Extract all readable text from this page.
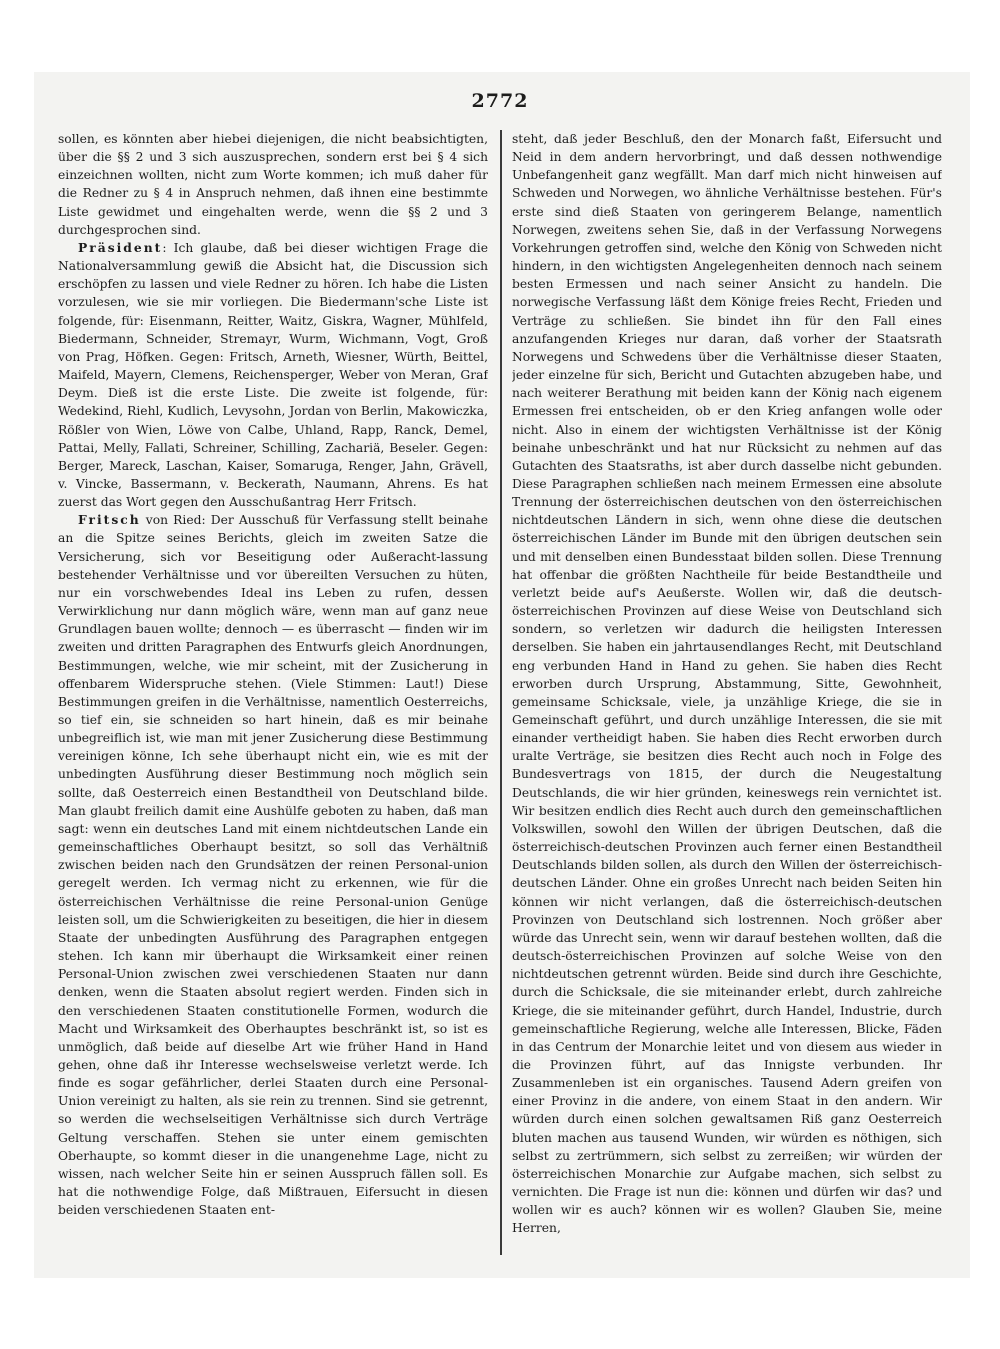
2772

sollen, es könnten aber hiebei diejenigen, die nicht beabsichtigten, über die §§ 2 und 3 sich auszusprechen, sondern erst bei § 4 sich einzeichnen wollten, nicht zum Worte kommen; ich muß daher für die Redner zu § 4 in Anspruch nehmen, daß ihnen eine bestimmte Liste gewidmet und eingehalten werde, wenn die §§ 2 und 3 durchgesprochen sind.

Präsident: Ich glaube, daß bei dieser wichtigen Frage die Nationalversammlung gewiß die Absicht hat, die Discussion sich erschöpfen zu lassen und viele Redner zu hören. Ich habe die Listen vorzulesen, wie sie mir vorliegen. Die Biedermann'sche Liste ist folgende, für: Eisenmann, Reitter, Waitz, Giskra, Wagner, Mühlfeld, Biedermann, Schneider, Stremayr, Wurm, Wichmann, Vogt, Groß von Prag, Höfken. Gegen: Fritsch, Arneth, Wiesner, Würth, Beittel, Maifeld, Mayern, Clemens, Reichensperger, Weber von Meran, Graf Deym. Dieß ist die erste Liste. Die zweite ist folgende, für: Wedekind, Riehl, Kudlich, Levysohn, Jordan von Berlin, Makowiczka, Rößler von Wien, Löwe von Calbe, Uhland, Rapp, Ranck, Demel, Pattai, Melly, Fallati, Schreiner, Schilling, Zachariä, Beseler. Gegen: Berger, Mareck, Laschan, Kaiser, Somaruga, Renger, Jahn, Grävell, v. Vincke, Bassermann, v. Beckerath, Naumann, Ahrens. Es hat zuerst das Wort gegen den Ausschußantrag Herr Fritsch.

Fritsch von Ried: Der Ausschuß für Verfassung stellt beinahe an die Spitze seines Berichts, gleich im zweiten Satze die Versicherung, sich vor Beseitigung oder Außeracht-lassung bestehender Verhältnisse und vor übereilten Versuchen zu hüten, nur ein vorschwebendes Ideal ins Leben zu rufen, dessen Verwirklichung nur dann möglich wäre, wenn man auf ganz neue Grundlagen bauen wollte; dennoch — es überrascht — finden wir im zweiten und dritten Paragraphen des Entwurfs gleich Anordnungen, Bestimmungen, welche, wie mir scheint, mit der Zusicherung in offenbarem Widerspruche stehen. (Viele Stimmen: Laut!) Diese Bestimmungen greifen in die Verhältnisse, namentlich Oesterreichs, so tief ein, sie schneiden so hart hinein, daß es mir beinahe unbegreiflich ist, wie man mit jener Zusicherung diese Bestimmung vereinigen könne, Ich sehe überhaupt nicht ein, wie es mit der unbedingten Ausführung dieser Bestimmung noch möglich sein sollte, daß Oesterreich einen Bestandtheil von Deutschland bilde. Man glaubt freilich damit eine Aushülfe geboten zu haben, daß man sagt: wenn ein deutsches Land mit einem nichtdeutschen Lande ein gemeinschaftliches Oberhaupt besitzt, so soll das Verhältniß zwischen beiden nach den Grundsätzen der reinen Personal-union geregelt werden. Ich vermag nicht zu erkennen, wie für die österreichischen Verhältnisse die reine Personal-union Genüge leisten soll, um die Schwierigkeiten zu beseitigen, die hier in diesem Staate der unbedingten Ausführung des Paragraphen entgegen stehen. Ich kann mir überhaupt die Wirksamkeit einer reinen Personal-Union zwischen zwei verschiedenen Staaten nur dann denken, wenn die Staaten absolut regiert werden. Finden sich in den verschiedenen Staaten constitutionelle Formen, wodurch die Macht und Wirksamkeit des Oberhauptes beschränkt ist, so ist es unmöglich, daß beide auf dieselbe Art wie früher Hand in Hand gehen, ohne daß ihr Interesse wechselsweise verletzt werde. Ich finde es sogar gefährlicher, derlei Staaten durch eine Personal-Union vereinigt zu halten, als sie rein zu trennen. Sind sie getrennt, so werden die wechselseitigen Verhältnisse sich durch Verträge Geltung verschaffen. Stehen sie unter einem gemischten Oberhaupte, so kommt dieser in die unangenehme Lage, nicht zu wissen, nach welcher Seite hin er seinen Ausspruch fällen soll. Es hat die nothwendige Folge, daß Mißtrauen, Eifersucht in diesen beiden verschiedenen Staaten ent-

steht, daß jeder Beschluß, den der Monarch faßt, Eifersucht und Neid in dem andern hervorbringt, und daß dessen nothwendige Unbefangenheit ganz wegfällt. Man darf mich nicht hinweisen auf Schweden und Norwegen, wo ähnliche Verhältnisse bestehen. Für's erste sind dieß Staaten von geringerem Belange, namentlich Norwegen, zweitens sehen Sie, daß in der Verfassung Norwegens Vorkehrungen getroffen sind, welche den König von Schweden nicht hindern, in den wichtigsten Angelegenheiten dennoch nach seinem besten Ermessen und nach seiner Ansicht zu handeln. Die norwegische Verfassung läßt dem Könige freies Recht, Frieden und Verträge zu schließen. Sie bindet ihn für den Fall eines anzufangenden Krieges nur daran, daß vorher der Staatsrath Norwegens und Schwedens über die Verhältnisse dieser Staaten, jeder einzelne für sich, Bericht und Gutachten abzugeben habe, und nach weiterer Berathung mit beiden kann der König nach eigenem Ermessen frei entscheiden, ob er den Krieg anfangen wolle oder nicht. Also in einem der wichtigsten Verhältnisse ist der König beinahe unbeschränkt und hat nur Rücksicht zu nehmen auf das Gutachten des Staatsraths, ist aber durch dasselbe nicht gebunden. Diese Paragraphen schließen nach meinem Ermessen eine absolute Trennung der österreichischen deutschen von den österreichischen nichtdeutschen Ländern in sich, wenn ohne diese die deutschen österreichischen Länder im Bunde mit den übrigen deutschen sein und mit denselben einen Bundesstaat bilden sollen. Diese Trennung hat offenbar die größten Nachtheile für beide Bestandtheile und verletzt beide auf's Aeußerste. Wollen wir, daß die deutsch-österreichischen Provinzen auf diese Weise von Deutschland sich sondern, so verletzen wir dadurch die heiligsten Interessen derselben. Sie haben ein jahrtausendlanges Recht, mit Deutschland eng verbunden Hand in Hand zu gehen. Sie haben dies Recht erworben durch Ursprung, Abstammung, Sitte, Gewohnheit, gemeinsame Schicksale, viele, ja unzählige Kriege, die sie in Gemeinschaft geführt, und durch unzählige Interessen, die sie mit einander vertheidigt haben. Sie haben dies Recht erworben durch uralte Verträge, sie besitzen dies Recht auch noch in Folge des Bundesvertrags von 1815, der durch die Neugestaltung Deutschlands, die wir hier gründen, keineswegs rein vernichtet ist. Wir besitzen endlich dies Recht auch durch den gemeinschaftlichen Volkswillen, sowohl den Willen der übrigen Deutschen, daß die österreichisch-deutschen Provinzen auch ferner einen Bestandtheil Deutschlands bilden sollen, als durch den Willen der österreichisch-deutschen Länder. Ohne ein großes Unrecht nach beiden Seiten hin können wir nicht verlangen, daß die österreichisch-deutschen Provinzen von Deutschland sich lostrennen. Noch größer aber würde das Unrecht sein, wenn wir darauf bestehen wollten, daß die deutsch-österreichischen Provinzen auf solche Weise von den nichtdeutschen getrennt würden. Beide sind durch ihre Geschichte, durch die Schicksale, die sie miteinander erlebt, durch zahlreiche Kriege, die sie miteinander geführt, durch Handel, Industrie, durch gemeinschaftliche Regierung, welche alle Interessen, Blicke, Fäden in das Centrum der Monarchie leitet und von diesem aus wieder in die Provinzen führt, auf das Innigste verbunden. Ihr Zusammenleben ist ein organisches. Tausend Adern greifen von einer Provinz in die andere, von einem Staat in den andern. Wir würden durch einen solchen gewaltsamen Riß ganz Oesterreich bluten machen aus tausend Wunden, wir würden es nöthigen, sich selbst zu zertrümmern, sich selbst zu zerreißen; wir würden der österreichischen Monarchie zur Aufgabe machen, sich selbst zu vernichten. Die Frage ist nun die: können und dürfen wir das? und wollen wir es auch? können wir es wollen? Glauben Sie, meine Herren,
